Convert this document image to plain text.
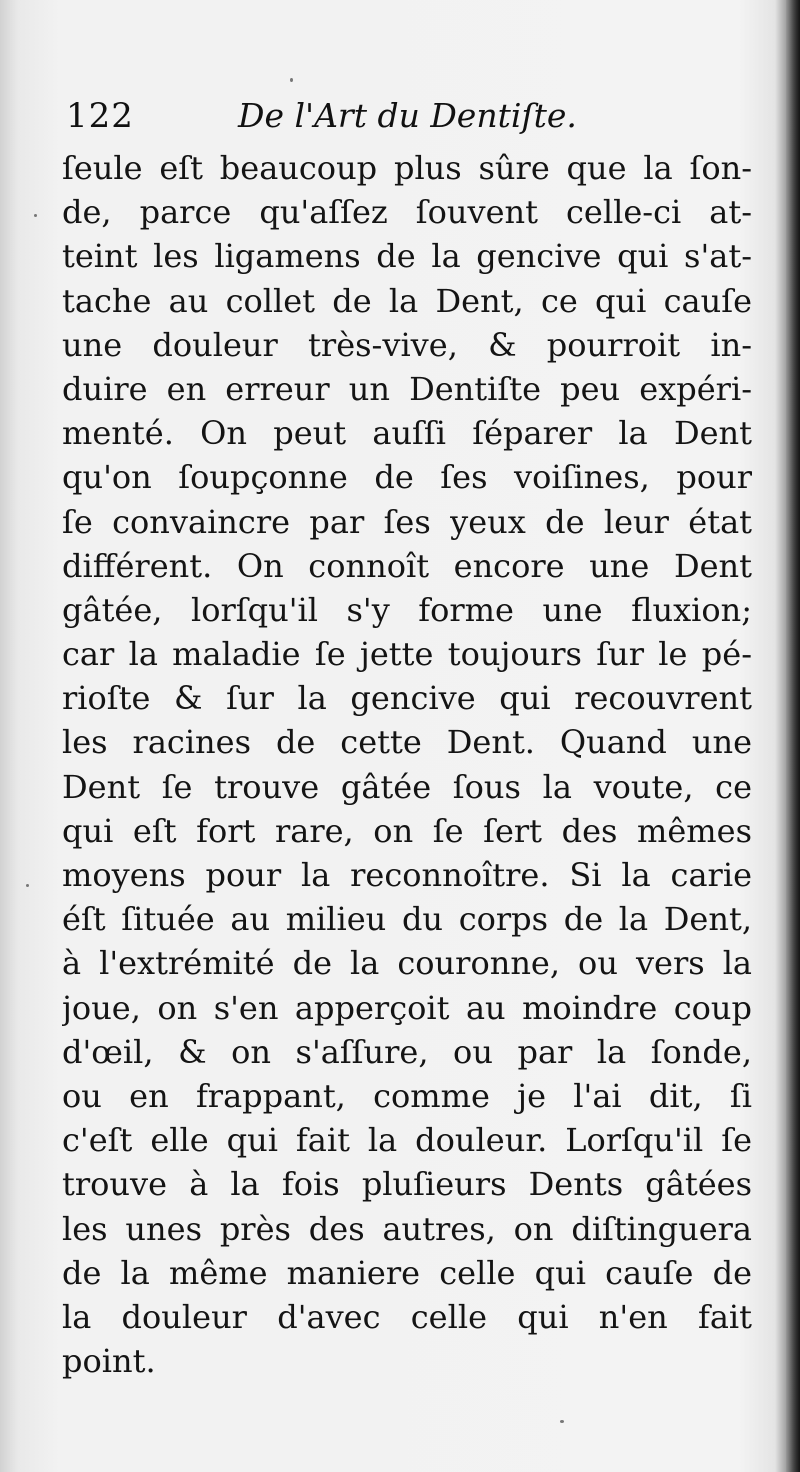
122	De l'Art du Dentiſte.
ſeule eſt beaucoup plus sûre que la ſon-
de, parce qu'aſſez ſouvent celle-ci at-
teint les ligamens de la gencive qui s'at-
tache au collet de la Dent, ce qui cauſe
une douleur très-vive, & pourroit in-
duire en erreur un Dentiſte peu expéri-
menté. On peut auſſi ſéparer la Dent
qu'on ſoupçonne de ſes voiſines, pour
ſe convaincre par ſes yeux de leur état
différent. On connoît encore une Dent
gâtée, lorſqu'il s'y forme une fluxion;
car la maladie ſe jette toujours ſur le pé-
rioſte & ſur la gencive qui recouvrent
les racines de cette Dent. Quand une
Dent ſe trouve gâtée ſous la voute, ce
qui eſt fort rare, on ſe ſert des mêmes
moyens pour la reconnoître. Si la carie
éſt ſituée au milieu du corps de la Dent,
à l'extrémité de la couronne, ou vers la
joue, on s'en apperçoit au moindre coup
d'œil, & on s'aſſure, ou par la ſonde,
ou en frappant, comme je l'ai dit, ſi
c'eſt elle qui fait la douleur. Lorſqu'il ſe
trouve à la fois pluſieurs Dents gâtées
les unes près des autres, on diſtinguera
de la même maniere celle qui cauſe de
la douleur d'avec celle qui n'en fait
point.
